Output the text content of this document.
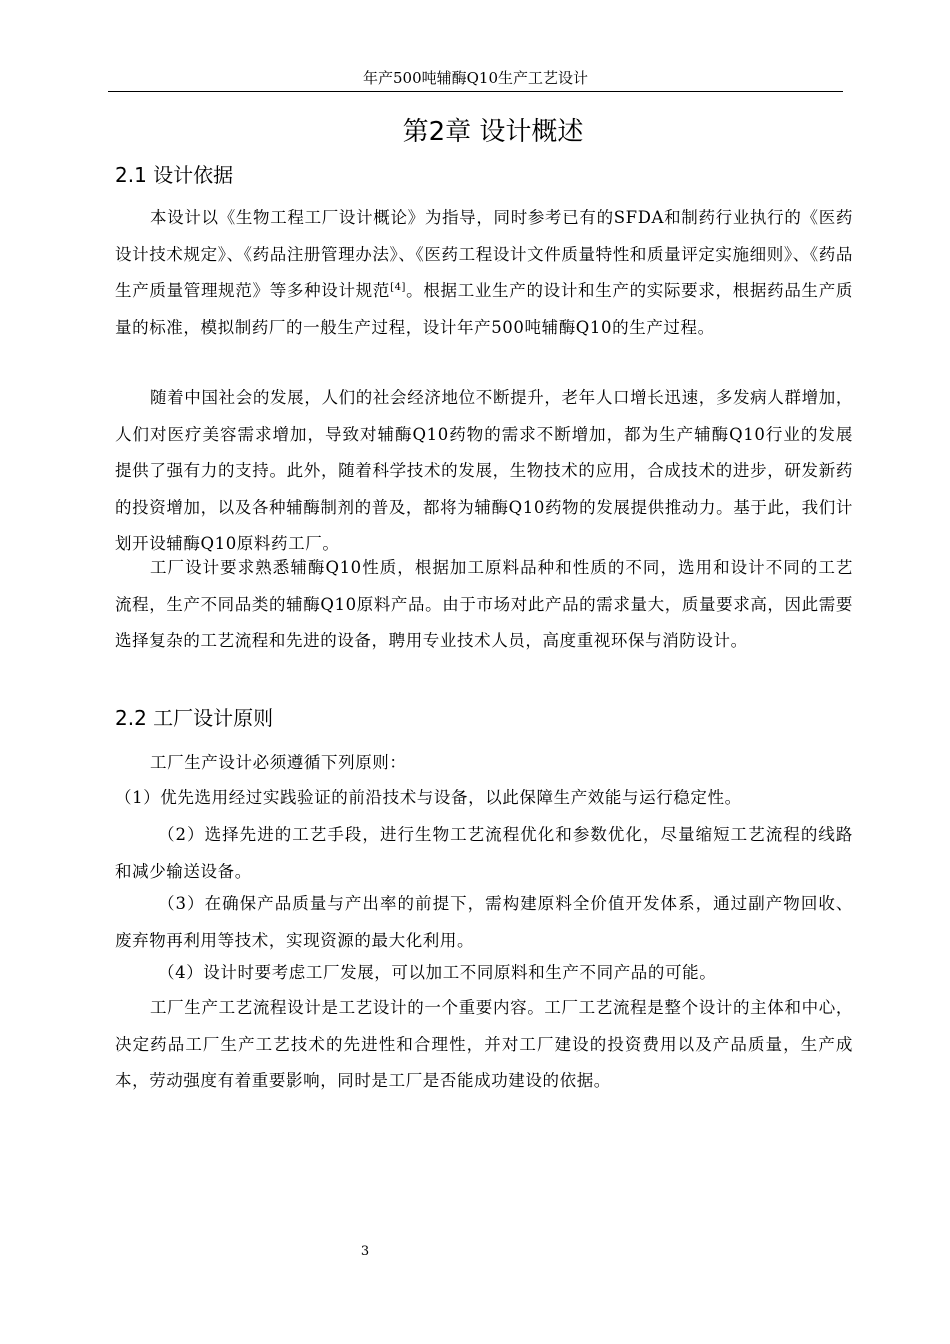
年产500吨辅酶Q10生产工艺设计
第2章 设计概述
2.1 设计依据

本设计以《生物工程工厂设计概论》为指导，同时参考已有的SFDA和制药行业执行的《医药设计技术规定》、《药品注册管理办法》、《医药工程设计文件质量特性和质量评定实施细则》、《药品生产质量管理规范》等多种设计规范[4]。根据工业生产的设计和生产的实际要求，根据药品生产质量的标准，模拟制药厂的一般生产过程，设计年产500吨辅酶Q10的生产过程。

随着中国社会的发展，人们的社会经济地位不断提升，老年人口增长迅速，多发病人群增加，人们对医疗美容需求增加，导致对辅酶Q10药物的需求不断增加，都为生产辅酶Q10行业的发展提供了强有力的支持。此外，随着科学技术的发展，生物技术的应用，合成技术的进步，研发新药的投资增加，以及各种辅酶制剂的普及，都将为辅酶Q10药物的发展提供推动力。基于此，我们计划开设辅酶Q10原料药工厂。

工厂设计要求熟悉辅酶Q10性质，根据加工原料品种和性质的不同，选用和设计不同的工艺流程，生产不同品类的辅酶Q10原料产品。由于市场对此产品的需求量大，质量要求高，因此需要选择复杂的工艺流程和先进的设备，聘用专业技术人员，高度重视环保与消防设计。

2.2 工厂设计原则

工厂生产设计必须遵循下列原则：

（1）优先选用经过实践验证的前沿技术与设备，以此保障生产效能与运行稳定性。

（2）选择先进的工艺手段，进行生物工艺流程优化和参数优化，尽量缩短工艺流程的线路和减少输送设备。

（3）在确保产品质量与产出率的前提下，需构建原料全价值开发体系，通过副产物回收、废弃物再利用等技术，实现资源的最大化利用。

（4）设计时要考虑工厂发展，可以加工不同原料和生产不同产品的可能。

工厂生产工艺流程设计是工艺设计的一个重要内容。工厂工艺流程是整个设计的主体和中心，决定药品工厂生产工艺技术的先进性和合理性，并对工厂建设的投资费用以及产品质量，生产成本，劳动强度有着重要影响，同时是工厂是否能成功建设的依据。

3
